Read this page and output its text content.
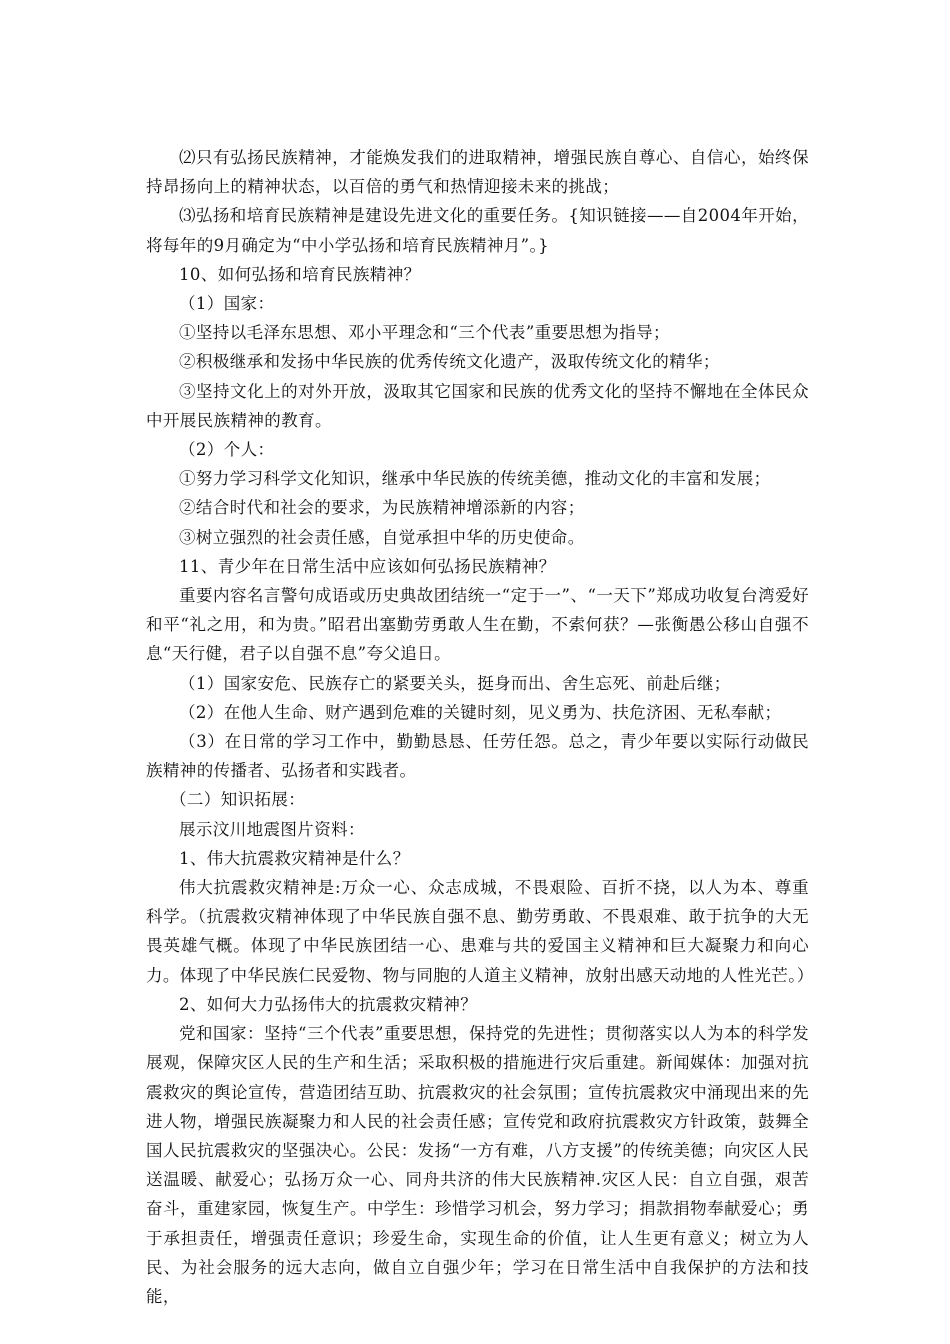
⑵只有弘扬民族精神，才能焕发我们的进取精神，增强民族自尊心、自信心，始终保持昂扬向上的精神状态，以百倍的勇气和热情迎接未来的挑战；

⑶弘扬和培育民族精神是建设先进文化的重要任务。{知识链接——自2004年开始，将每年的9月确定为“中小学弘扬和培育民族精神月”。}

10、如何弘扬和培育民族精神？

（1）国家：

①坚持以毛泽东思想、邓小平理念和“三个代表”重要思想为指导；

②积极继承和发扬中华民族的优秀传统文化遗产，汲取传统文化的精华；

③坚持文化上的对外开放，汲取其它国家和民族的优秀文化的坚持不懈地在全体民众中开展民族精神的教育。

（2）个人：

①努力学习科学文化知识，继承中华民族的传统美德，推动文化的丰富和发展；

②结合时代和社会的要求，为民族精神增添新的内容；

③树立强烈的社会责任感，自觉承担中华的历史使命。

11、青少年在日常生活中应该如何弘扬民族精神？

重要内容名言警句成语或历史典故团结统一“定于一”、“一天下”郑成功收复台湾爱好和平“礼之用，和为贵。”昭君出塞勤劳勇敢人生在勤，不索何获？—张衡愚公移山自强不息“天行健，君子以自强不息”夸父追日。

（1）国家安危、民族存亡的紧要关头，挺身而出、舍生忘死、前赴后继；

（2）在他人生命、财产遇到危难的关键时刻，见义勇为、扶危济困、无私奉献；

（3）在日常的学习工作中，勤勤恳恳、任劳任怨。总之，青少年要以实际行动做民族精神的传播者、弘扬者和实践者。

（二）知识拓展：

展示汶川地震图片资料：

1、伟大抗震救灾精神是什么？

伟大抗震救灾精神是:万众一心、众志成城，不畏艰险、百折不挠，以人为本、尊重科学。（抗震救灾精神体现了中华民族自强不息、勤劳勇敢、不畏艰难、敢于抗争的大无畏英雄气概。体现了中华民族团结一心、患难与共的爱国主义精神和巨大凝聚力和向心力。体现了中华民族仁民爱物、物与同胞的人道主义精神，放射出感天动地的人性光芒。）

2、如何大力弘扬伟大的抗震救灾精神？

党和国家：坚持“三个代表”重要思想，保持党的先进性；贯彻落实以人为本的科学发展观，保障灾区人民的生产和生活；采取积极的措施进行灾后重建。新闻媒体：加强对抗震救灾的舆论宣传，营造团结互助、抗震救灾的社会氛围；宣传抗震救灾中涌现出来的先进人物，增强民族凝聚力和人民的社会责任感；宣传党和政府抗震救灾方针政策，鼓舞全国人民抗震救灾的坚强决心。公民：发扬“一方有难，八方支援”的传统美德；向灾区人民送温暖、献爱心；弘扬万众一心、同舟共济的伟大民族精神.灾区人民：自立自强，艰苦奋斗，重建家园，恢复生产。中学生：珍惜学习机会，努力学习；捐款捐物奉献爱心；勇于承担责任，增强责任意识；珍爱生命，实现生命的价值，让人生更有意义；树立为人民、为社会服务的远大志向，做自立自强少年；学习在日常生活中自我保护的方法和技能，
